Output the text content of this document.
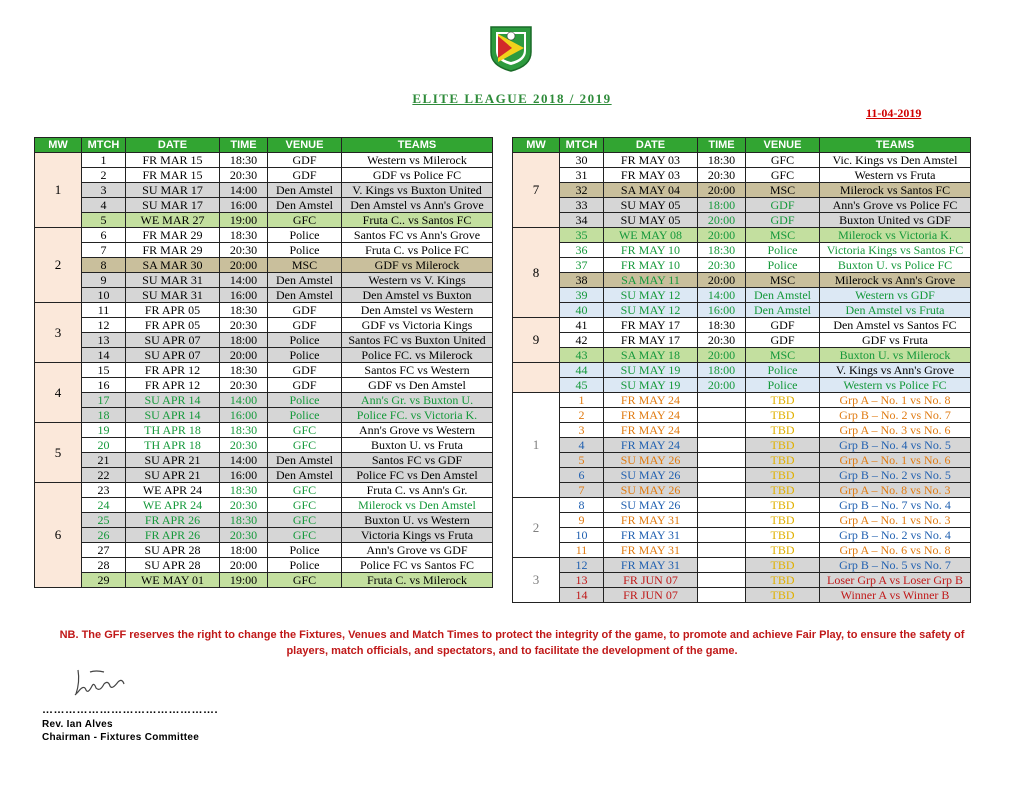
ELITE LEAGUE 2018 / 2019
11-04-2019
MW	MTCH	DATE	TIME	VENUE	TEAMS
1	1	FR MAR 15	18:30	GDF	Western vs Milerock
	2	FR MAR 15	20:30	GDF	GDF vs Police FC
	3	SU MAR 17	14:00	Den Amstel	V. Kings vs Buxton United
	4	SU MAR 17	16:00	Den Amstel	Den Amstel vs Ann's Grove
	5	WE MAR 27	19:00	GFC	Fruta C.. vs Santos FC
2	6	FR MAR 29	18:30	Police	Santos FC vs Ann's Grove
	7	FR MAR 29	20:30	Police	Fruta C. vs Police FC
	8	SA MAR 30	20:00	MSC	GDF vs Milerock
	9	SU MAR 31	14:00	Den Amstel	Western vs V. Kings
	10	SU MAR 31	16:00	Den Amstel	Den Amstel vs Buxton
3	11	FR APR 05	18:30	GDF	Den Amstel vs Western
	12	FR APR 05	20:30	GDF	GDF vs Victoria Kings
	13	SU APR 07	18:00	Police	Santos FC vs Buxton United
	14	SU APR 07	20:00	Police	Police FC. vs Milerock
4	15	FR APR 12	18:30	GDF	Santos FC vs Western
	16	FR APR 12	20:30	GDF	GDF vs Den Amstel
	17	SU APR 14	14:00	Police	Ann's Gr. vs Buxton U.
	18	SU APR 14	16:00	Police	Police FC. vs Victoria K.
5	19	TH APR 18	18:30	GFC	Ann's Grove vs Western
	20	TH APR 18	20:30	GFC	Buxton U. vs Fruta
	21	SU APR 21	14:00	Den Amstel	Santos FC vs GDF
	22	SU APR 21	16:00	Den Amstel	Police FC vs Den Amstel
6	23	WE APR 24	18:30	GFC	Fruta C. vs Ann's Gr.
	24	WE APR 24	20:30	GFC	Milerock vs Den Amstel
	25	FR APR 26	18:30	GFC	Buxton U. vs Western
	26	FR APR 26	20:30	GFC	Victoria Kings vs Fruta
	27	SU APR 28	18:00	Police	Ann's Grove vs GDF
	28	SU APR 28	20:00	Police	Police FC vs Santos FC
	29	WE MAY 01	19:00	GFC	Fruta C. vs Milerock
MW	MTCH	DATE	TIME	VENUE	TEAMS
7	30	FR MAY 03	18:30	GFC	Vic. Kings vs Den Amstel
	31	FR MAY 03	20:30	GFC	Western vs Fruta
	32	SA MAY 04	20:00	MSC	Milerock vs Santos FC
	33	SU MAY 05	18:00	GDF	Ann's Grove vs Police FC
	34	SU MAY 05	20:00	GDF	Buxton United vs GDF
8	35	WE MAY 08	20:00	MSC	Milerock vs Victoria K.
	36	FR MAY 10	18:30	Police	Victoria Kings vs Santos FC
	37	FR MAY 10	20:30	Police	Buxton U. vs Police FC
	38	SA MAY 11	20:00	MSC	Milerock vs Ann's Grove
	39	SU MAY 12	14:00	Den Amstel	Western vs GDF
	40	SU MAY 12	16:00	Den Amstel	Den Amstel vs Fruta
9	41	FR MAY 17	18:30	GDF	Den Amstel vs Santos FC
	42	FR MAY 17	20:30	GDF	GDF vs Fruta
	43	SA MAY 18	20:00	MSC	Buxton U. vs Milerock
	44	SU MAY 19	18:00	Police	V. Kings vs Ann's Grove
	45	SU MAY 19	20:00	Police	Western vs Police FC
1	1	FR MAY 24		TBD	Grp A – No. 1 vs No. 8
	2	FR MAY 24		TBD	Grp B – No. 2 vs No. 7
	3	FR MAY 24		TBD	Grp A – No. 3 vs No. 6
	4	FR MAY 24		TBD	Grp B – No. 4 vs No. 5
	5	SU MAY 26		TBD	Grp A – No. 1 vs No. 6
	6	SU MAY 26		TBD	Grp B – No. 2 vs No. 5
	7	SU MAY 26		TBD	Grp A – No. 8 vs No. 3
2	8	SU MAY 26		TBD	Grp B – No. 7 vs No. 4
	9	FR MAY 31		TBD	Grp A – No. 1 vs No. 3
	10	FR MAY 31		TBD	Grp B – No. 2 vs No. 4
	11	FR MAY 31		TBD	Grp A – No. 6 vs No. 8
3	12	FR MAY 31		TBD	Grp B – No. 5 vs No. 7
	13	FR JUN 07		TBD	Loser Grp A vs Loser Grp B
	14	FR JUN 07		TBD	Winner A vs Winner B
NB. The GFF reserves the right to change the Fixtures, Venues and Match Times to protect the integrity of the game, to promote and achieve Fair Play, to ensure the safety of players, match officials, and spectators, and to facilitate the development of the game.
……………………………………….
Rev. Ian Alves
Chairman - Fixtures Committee
